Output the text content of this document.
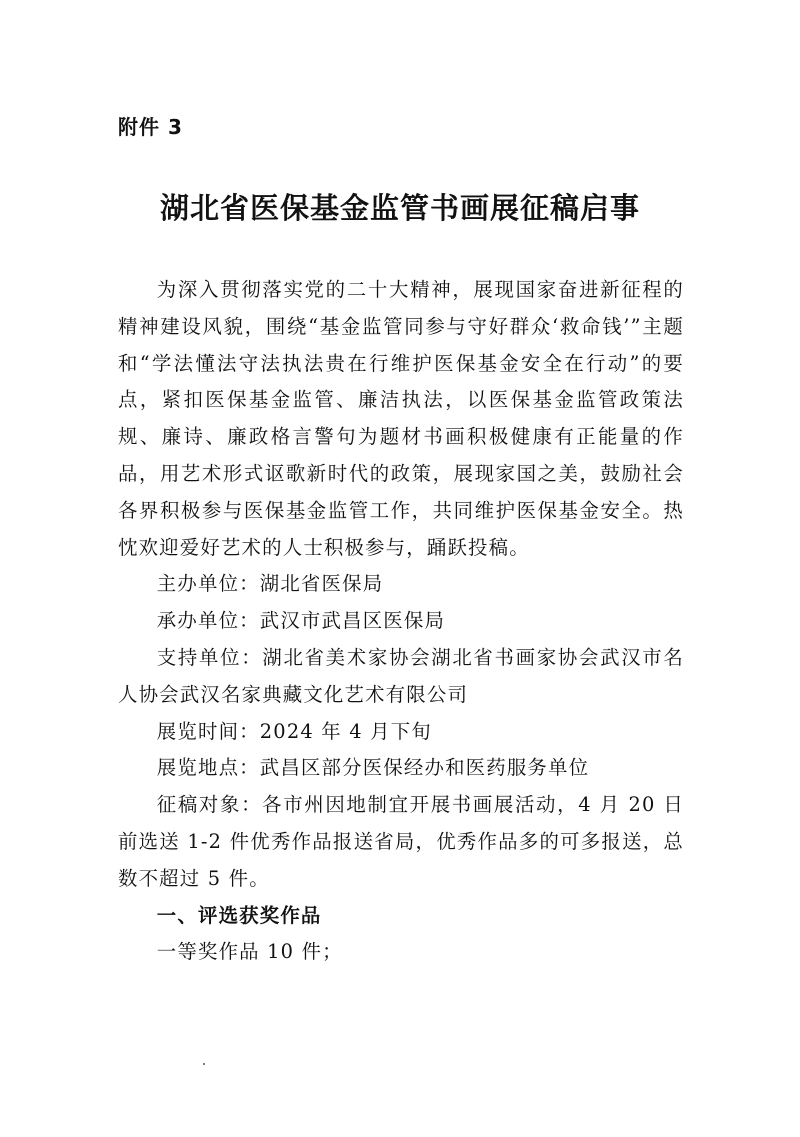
附件 3
湖北省医保基金监管书画展征稿启事

为深入贯彻落实党的二十大精神，展现国家奋进新征程的精神建设风貌，围绕“基金监管同参与守好群众‘救命钱’”主题和“学法懂法守法执法贵在行维护医保基金安全在行动”的要点，紧扣医保基金监管、廉洁执法，以医保基金监管政策法规、廉诗、廉政格言警句为题材书画积极健康有正能量的作品，用艺术形式讴歌新时代的政策，展现家国之美，鼓励社会各界积极参与医保基金监管工作，共同维护医保基金安全。热忱欢迎爱好艺术的人士积极参与，踊跃投稿。

主办单位：湖北省医保局

承办单位：武汉市武昌区医保局

支持单位：湖北省美术家协会湖北省书画家协会武汉市名人协会武汉名家典藏文化艺术有限公司

展览时间：2024 年 4 月下旬

展览地点：武昌区部分医保经办和医药服务单位

征稿对象：各市州因地制宜开展书画展活动，4 月 20 日前选送 1-2 件优秀作品报送省局，优秀作品多的可多报送，总数不超过 5 件。

一、评选获奖作品

一等奖作品 10 件；
